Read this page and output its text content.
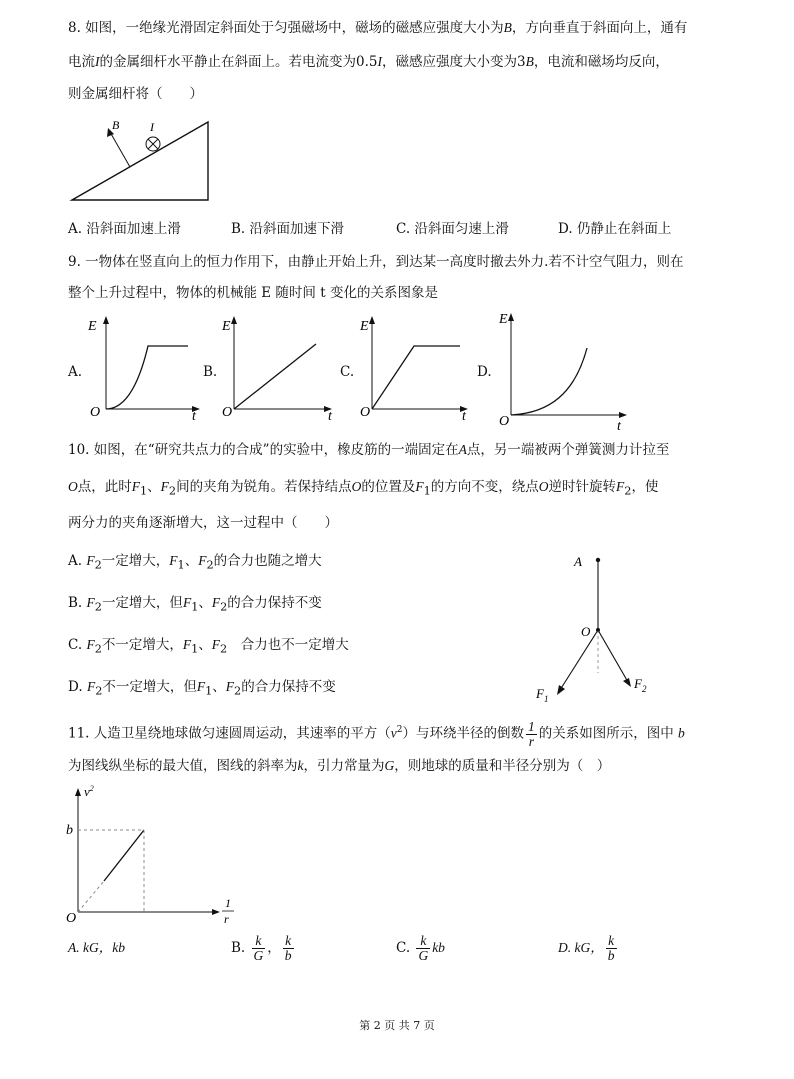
8. 如图，一绝缘光滑固定斜面处于匀强磁场中，磁场的磁感应强度大小为B，方向垂直于斜面向上，通有
电流I的金属细杆水平静止在斜面上。若电流变为0.5I，磁感应强度大小变为3B，电流和磁场均反向，
则金属细杆将（　　）
B	I
A. 沿斜面加速上滑	B. 沿斜面加速下滑	C. 沿斜面匀速上滑	D. 仍静止在斜面上
9. 一物体在竖直向上的恒力作用下，由静止开始上升，到达某一高度时撤去外力.若不计空气阻力，则在
整个上升过程中，物体的机械能 E 随时间 t 变化的关系图象是
A.
E
O	t
B.
E
O	t
C.
E
O	t
D.
E
O	t
10. 如图，在“研究共点力的合成”的实验中，橡皮筋的一端固定在A点，另一端被两个弹簧测力计拉至
O点，此时$F_1$、$F_2$间的夹角为锐角。若保持结点O的位置及$F_1$的方向不变，绕点O逆时针旋转$F_2$，使
两分力的夹角逐渐增大，这一过程中（　　）
A. $F_2$一定增大，$F_1$、$F_2$的合力也随之增大
B. $F_2$一定增大，但$F_1$、$F_2$的合力保持不变
C. $F_2$不一定增大，$F_1$、$F_2$　 合力也不一定增大
D. $F_2$不一定增大，但$F_1$、$F_2$的合力保持不变
A
O
$F_1$
$F_2$
11. 人造卫星绕地球做匀速圆周运动，其速率的平方$(v^2)$与环绕半径的倒数 $\frac{1}{r}$ 的关系如图所示，图中 b
为图线纵坐标的最大值，图线的斜率为k，引力常量为G，则地球的质量和半径分别为（　）
b
O
$v^2$
1
r
A. kG，kb	B. $\frac{k}{G}$ ， $\frac{k}{b}$	C. $\frac{k}{G}$ kb	D. kG， $\frac{k}{b}$
第 2 页 共 7 页
